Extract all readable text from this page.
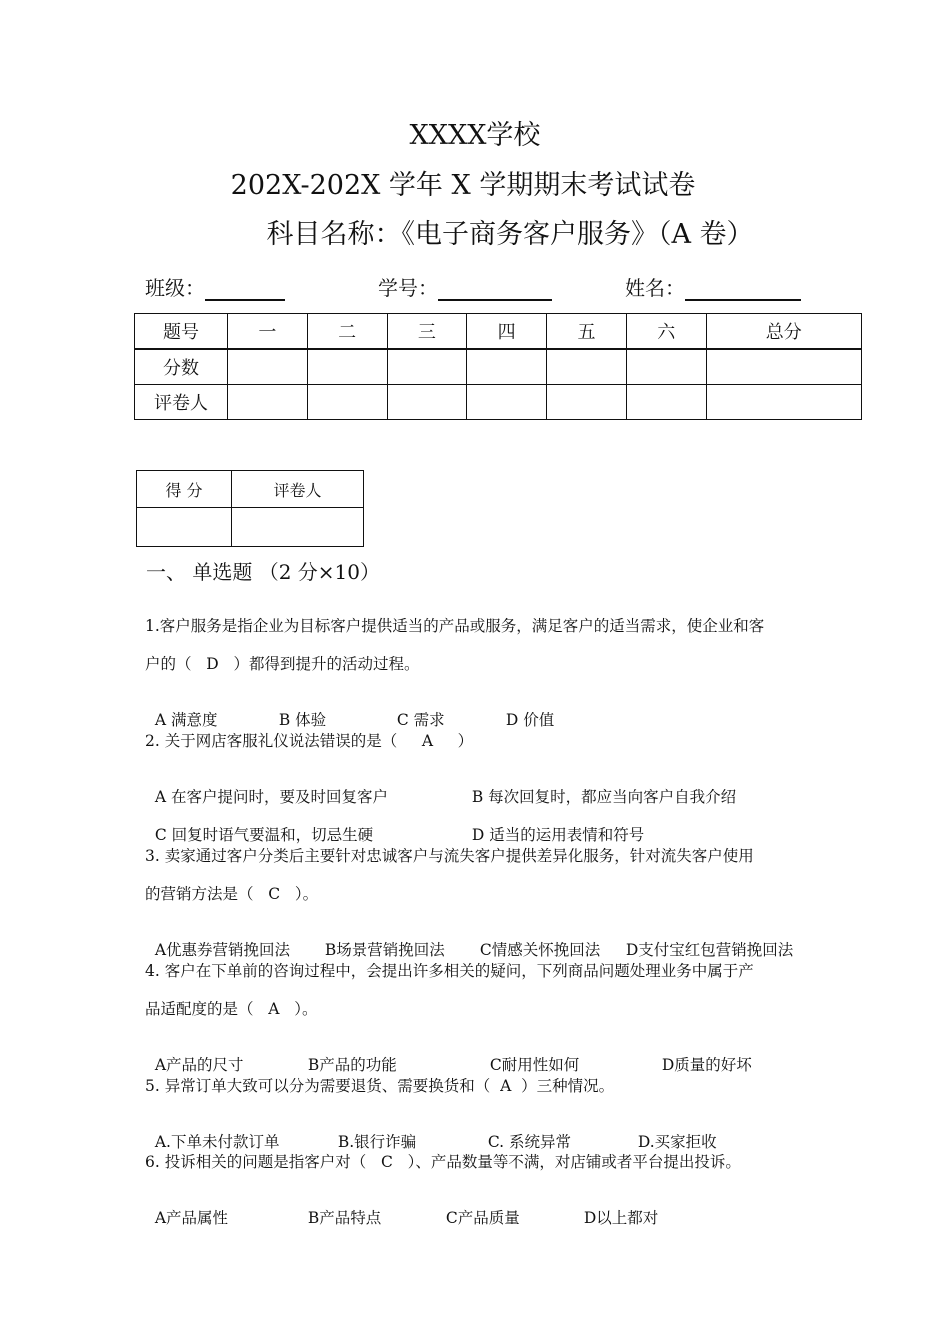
XXXX学校
202X-202X 学年 X 学期期末考试试卷
科目名称：《电子商务客户服务》（A 卷）
班级：	学号：	姓名：
题号	一	二	三	四	五	六	总分
分数							
评卷人							
得 分	评卷人

一、 单选题 （2 分×10）
1.客户服务是指企业为目标客户提供适当的产品或服务，满足客户的适当需求，使企业和客
户的（   D   ）都得到提升的活动过程。

A 满意度	B 体验	C 需求	D 价值

2. 关于网店客服礼仪说法错误的是（     A     ）

A 在客户提问时，要及时回复客户	B 每次回复时，都应当向客户自我介绍

C 回复时语气要温和，切忌生硬	D 适当的运用表情和符号

3. 卖家通过客户分类后主要针对忠诚客户与流失客户提供差异化服务，针对流失客户使用
的营销方法是（   C   ）。

A优惠券营销挽回法 B场景营销挽回法 C情感关怀挽回法 D支付宝红包营销挽回法

4. 客户在下单前的咨询过程中，会提出许多相关的疑问，下列商品问题处理业务中属于产
品适配度的是（   A   ）。

A产品的尺寸	B产品的功能	C耐用性如何	D质量的好坏

5. 异常订单大致可以分为需要退货、需要换货和（  A  ）三种情况。

A.下单未付款订单	B.银行诈骗	C. 系统异常	D.买家拒收

6. 投诉相关的问题是指客户对（   C   ）、产品数量等不满，对店铺或者平台提出投诉。

A产品属性	B产品特点	C产品质量	D以上都对
